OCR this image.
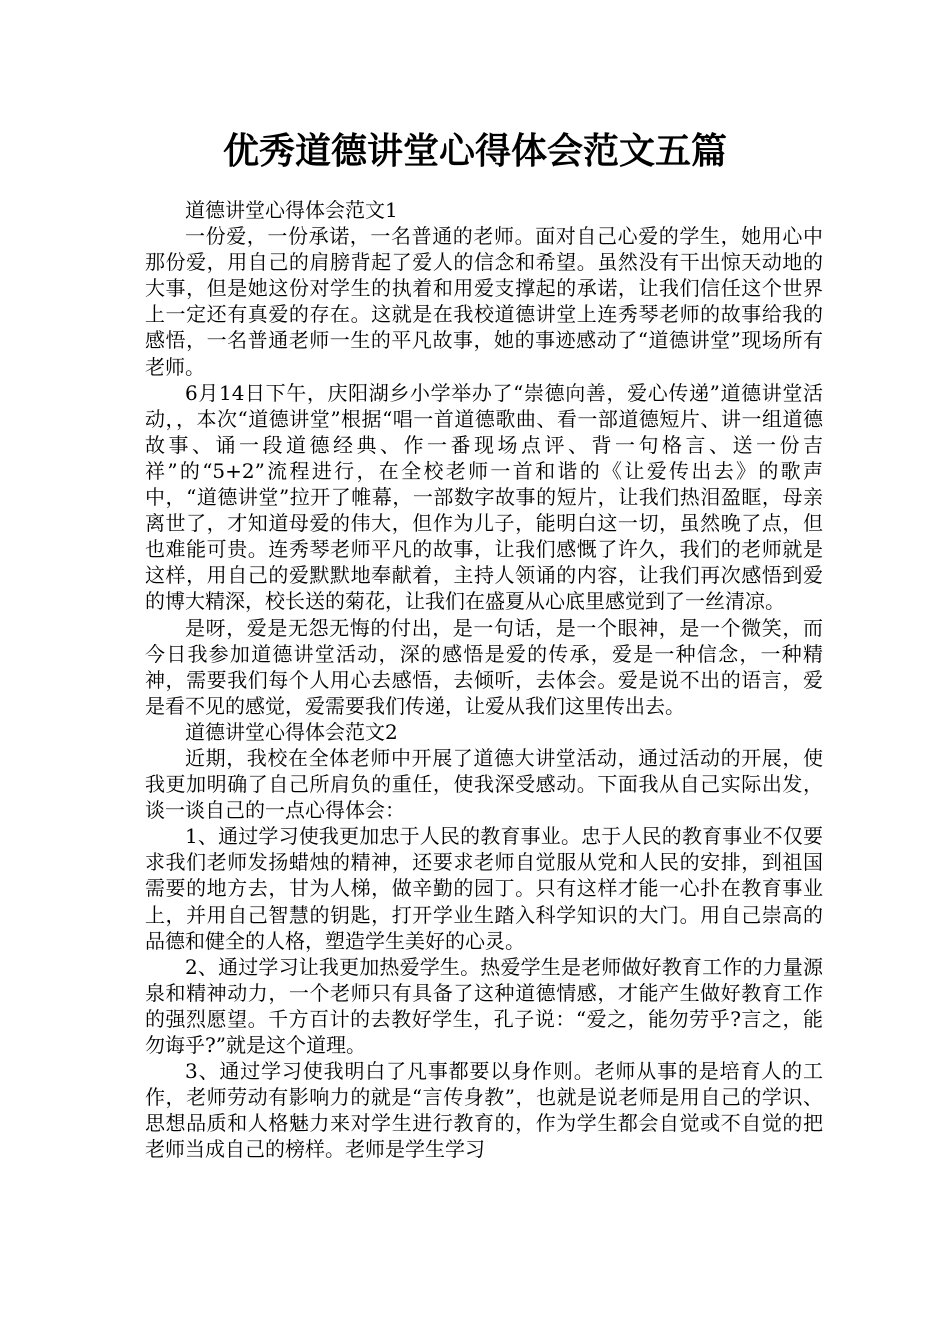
优秀道德讲堂心得体会范文五篇

道德讲堂心得体会范文1

一份爱，一份承诺，一名普通的老师。面对自己心爱的学生，她用心中那份爱，用自己的肩膀背起了爱人的信念和希望。虽然没有干出惊天动地的大事，但是她这份对学生的执着和用爱支撑起的承诺，让我们信任这个世界上一定还有真爱的存在。这就是在我校道德讲堂上连秀琴老师的故事给我的感悟，一名普通老师一生的平凡故事，她的事迹感动了“道德讲堂”现场所有老师。

6月14日下午，庆阳湖乡小学举办了“崇德向善，爱心传递”道德讲堂活动，，本次“道德讲堂”根据“唱一首道德歌曲、看一部道德短片、讲一组道德故事、诵一段道德经典、作一番现场点评、背一句格言、送一份吉祥”的“5+2”流程进行，在全校老师一首和谐的《让爱传出去》的歌声中，“道德讲堂”拉开了帷幕，一部数字故事的短片，让我们热泪盈眶，母亲离世了，才知道母爱的伟大，但作为儿子，能明白这一切，虽然晚了点，但也难能可贵。连秀琴老师平凡的故事，让我们感慨了许久，我们的老师就是这样，用自己的爱默默地奉献着，主持人领诵的内容，让我们再次感悟到爱的博大精深，校长送的菊花，让我们在盛夏从心底里感觉到了一丝清凉。

是呀，爱是无怨无悔的付出，是一句话，是一个眼神，是一个微笑，而今日我参加道德讲堂活动，深的感悟是爱的传承，爱是一种信念，一种精神，需要我们每个人用心去感悟，去倾听，去体会。爱是说不出的语言，爱是看不见的感觉，爱需要我们传递，让爱从我们这里传出去。

道德讲堂心得体会范文2

近期，我校在全体老师中开展了道德大讲堂活动，通过活动的开展，使我更加明确了自己所肩负的重任，使我深受感动。下面我从自己实际出发，谈一谈自己的一点心得体会：

1、通过学习使我更加忠于人民的教育事业。忠于人民的教育事业不仅要求我们老师发扬蜡烛的精神，还要求老师自觉服从党和人民的安排，到祖国需要的地方去，甘为人梯，做辛勤的园丁。只有这样才能一心扑在教育事业上，并用自己智慧的钥匙，打开学业生踏入科学知识的大门。用自己崇高的品德和健全的人格，塑造学生美好的心灵。

2、通过学习让我更加热爱学生。热爱学生是老师做好教育工作的力量源泉和精神动力，一个老师只有具备了这种道德情感，才能产生做好教育工作的强烈愿望。千方百计的去教好学生，孔子说：“爱之，能勿劳乎?言之，能勿诲乎?”就是这个道理。

3、通过学习使我明白了凡事都要以身作则。老师从事的是培育人的工作，老师劳动有影响力的就是“言传身教”，也就是说老师是用自己的学识、思想品质和人格魅力来对学生进行教育的，作为学生都会自觉或不自觉的把老师当成自己的榜样。老师是学生学习
